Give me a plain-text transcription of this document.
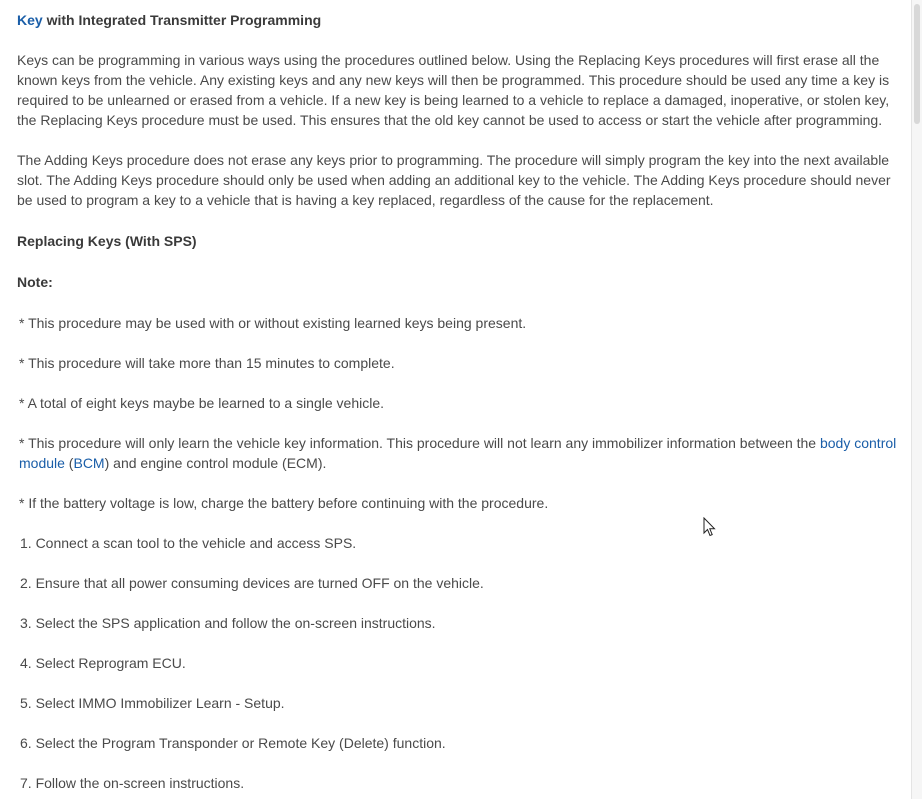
Key with Integrated Transmitter Programming

Keys can be programming in various ways using the procedures outlined below. Using the Replacing Keys procedures will first erase all the known keys from the vehicle. Any existing keys and any new keys will then be programmed. This procedure should be used any time a key is required to be unlearned or erased from a vehicle. If a new key is being learned to a vehicle to replace a damaged, inoperative, or stolen key, the Replacing Keys procedure must be used. This ensures that the old key cannot be used to access or start the vehicle after programming.

The Adding Keys procedure does not erase any keys prior to programming. The procedure will simply program the key into the next available slot. The Adding Keys procedure should only be used when adding an additional key to the vehicle. The Adding Keys procedure should never be used to program a key to a vehicle that is having a key replaced, regardless of the cause for the replacement.

Replacing Keys (With SPS)
Note:
* This procedure may be used with or without existing learned keys being present.
* This procedure will take more than 15 minutes to complete.
* A total of eight keys maybe be learned to a single vehicle.
* This procedure will only learn the vehicle key information. This procedure will not learn any immobilizer information between the body control module (BCM) and engine control module (ECM).
* If the battery voltage is low, charge the battery before continuing with the procedure.
1. Connect a scan tool to the vehicle and access SPS.
2. Ensure that all power consuming devices are turned OFF on the vehicle.
3. Select the SPS application and follow the on-screen instructions.
4. Select Reprogram ECU.
5. Select IMMO Immobilizer Learn - Setup.
6. Select the Program Transponder or Remote Key (Delete) function.
7. Follow the on-screen instructions.
